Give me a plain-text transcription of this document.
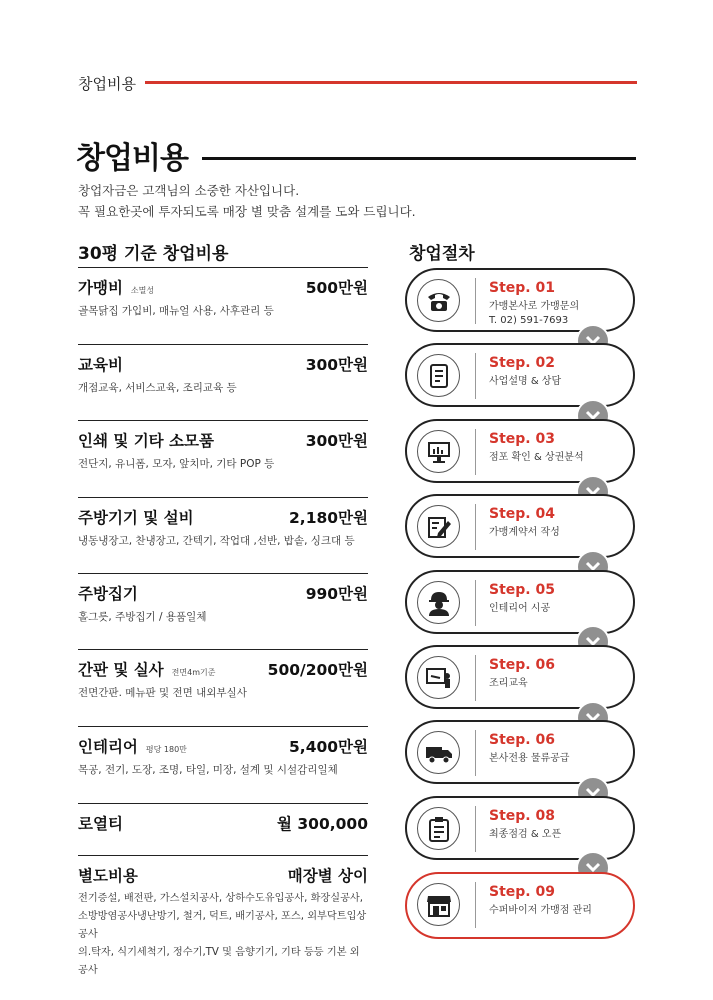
창업비용
창업비용
창업자금은 고객님의 소중한 자산입니다.
꼭 필요한곳에 투자되도록 매장 별 맞춤 설계를 도와 드립니다.
30평 기준 창업비용	창업절차
가맹비 소멸성	500만원
골목닭집 가입비, 매뉴얼 사용, 사후관리 등
교육비	300만원
개점교육, 서비스교육, 조리교육 등
인쇄 및 기타 소모품	300만원
전단지, 유니폼, 모자, 앞치마, 기타 POP 등
주방기기 및 설비	2,180만원
냉동냉장고, 찬냉장고, 간텍기, 작업대 ,선반, 밥솥, 싱크대 등
주방집기	990만원
홀그릇, 주방집기 / 용품일체
간판 및 실사 전면4m기준	500/200만원
전면간판. 메뉴판 및 전면 내외부실사
인테리어 평당 180만	5,400만원
목공, 전기, 도장, 조명, 타일, 미장, 설계 및 시설감리일체
로열티	월 300,000
별도비용	매장별 상이
전기증설, 배전판, 가스설치공사, 상하수도유입공사, 화장실공사,
소방방염공사냉난방기, 철거, 덕트, 배기공사, 포스, 외부닥트입상공사
의.탁자, 식기세척기, 정수기,TV 및 음향기기, 기타 등등 기본 외 공사
Step. 01
가맹본사로 가맹문의
T. 02) 591-7693
Step. 02
사업설명 & 상담
Step. 03
점포 확인 & 상권분석
Step. 04
가맹계약서 작성
Step. 05
인테리어 시공
Step. 06
조리교육
Step. 06
본사전용 물류공급
Step. 08
최종점검 & 오픈
Step. 09
수퍼바이저 가맹점 관리
